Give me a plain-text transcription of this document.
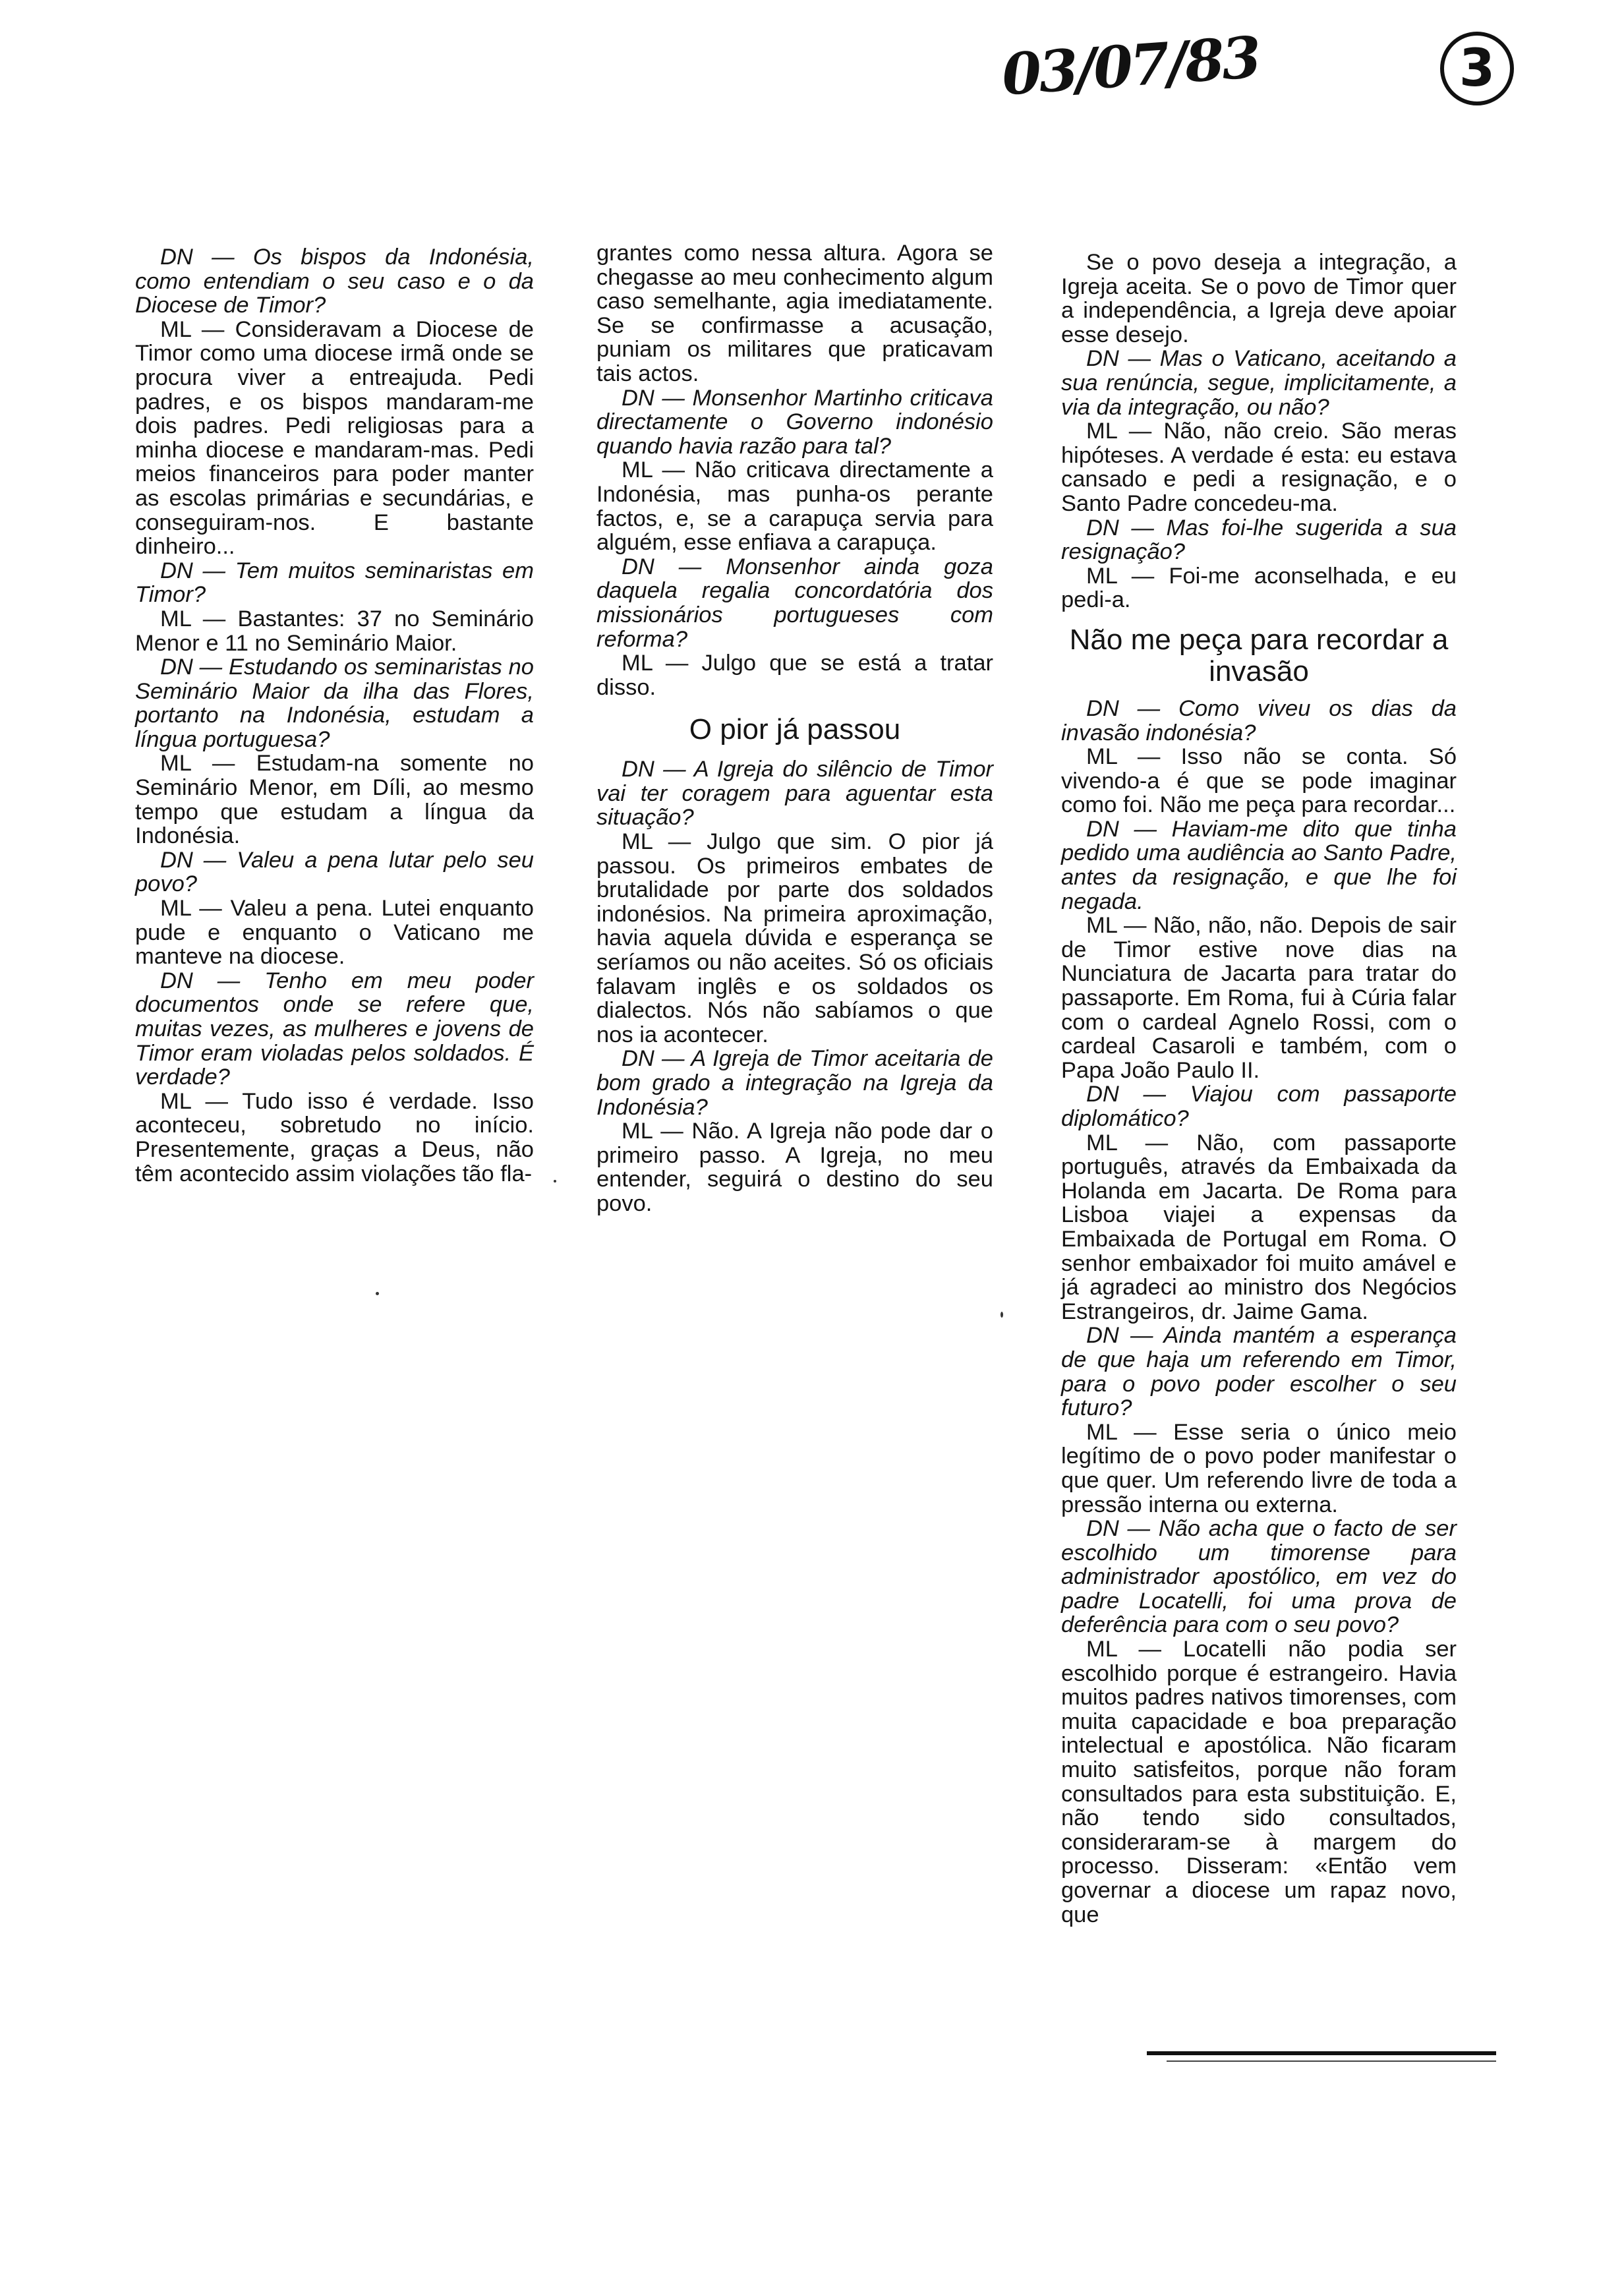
03/07/83	3

DN — Os bispos da Indonésia, como entendiam o seu caso e o da Diocese de Timor?

ML — Consideravam a Diocese de Timor como uma diocese irmã onde se procura viver a entreajuda. Pedi padres, e os bispos mandaram-me dois padres. Pedi religiosas para a minha diocese e mandaram-mas. Pedi meios financeiros para poder manter as escolas primárias e secundárias, e conseguiram-nos. E bastante dinheiro...

DN — Tem muitos seminaristas em Timor?

ML — Bastantes: 37 no Seminário Menor e 11 no Seminário Maior.

DN — Estudando os seminaristas no Seminário Maior da ilha das Flores, portanto na Indonésia, estudam a língua portuguesa?

ML — Estudam-na somente no Seminário Menor, em Díli, ao mesmo tempo que estudam a língua da Indonésia.

DN — Valeu a pena lutar pelo seu povo?

ML — Valeu a pena. Lutei enquanto pude e enquanto o Vaticano me manteve na diocese.

DN — Tenho em meu poder documentos onde se refere que, muitas vezes, as mulheres e jovens de Timor eram violadas pelos soldados. É verdade?

ML — Tudo isso é verdade. Isso aconteceu, sobretudo no início. Presentemente, graças a Deus, não têm acontecido assim violações tão fla-

grantes como nessa altura. Agora se chegasse ao meu conhecimento algum caso semelhante, agia imediatamente. Se se confirmasse a acusação, puniam os militares que praticavam tais actos.

DN — Monsenhor Martinho criticava directamente o Governo indonésio quando havia razão para tal?

ML — Não criticava directamente a Indonésia, mas punha-os perante factos, e, se a carapuça servia para alguém, esse enfiava a carapuça.

DN — Monsenhor ainda goza daquela regalia concordatória dos missionários portugueses com reforma?

ML — Julgo que se está a tratar disso.

O pior já passou

DN — A Igreja do silêncio de Timor vai ter coragem para aguentar esta situação?

ML — Julgo que sim. O pior já passou. Os primeiros embates de brutalidade por parte dos soldados indonésios. Na primeira aproximação, havia aquela dúvida e esperança se seríamos ou não aceites. Só os oficiais falavam inglês e os soldados os dialectos. Nós não sabíamos o que nos ia acontecer.

DN — A Igreja de Timor aceitaria de bom grado a integração na Igreja da Indonésia?

ML — Não. A Igreja não pode dar o primeiro passo. A Igreja, no meu entender, seguirá o destino do seu povo.

Se o povo deseja a integração, a Igreja aceita. Se o povo de Timor quer a independência, a Igreja deve apoiar esse desejo.

DN — Mas o Vaticano, aceitando a sua renúncia, segue, implicitamente, a via da integração, ou não?

ML — Não, não creio. São meras hipóteses. A verdade é esta: eu estava cansado e pedi a resignação, e o Santo Padre concedeu-ma.

DN — Mas foi-lhe sugerida a sua resignação?

ML — Foi-me aconselhada, e eu pedi-a.

Não me peça para recordar a invasão

DN — Como viveu os dias da invasão indonésia?

ML — Isso não se conta. Só vivendo-a é que se pode imaginar como foi. Não me peça para recordar...

DN — Haviam-me dito que tinha pedido uma audiência ao Santo Padre, antes da resignação, e que lhe foi negada.

ML — Não, não, não. Depois de sair de Timor estive nove dias na Nunciatura de Jacarta para tratar do passaporte. Em Roma, fui à Cúria falar com o cardeal Agnelo Rossi, com o cardeal Casaroli e também, com o Papa João Paulo II.

DN — Viajou com passaporte diplomático?

ML — Não, com passaporte português, através da Embaixada da Holanda em Jacarta. De Roma para Lisboa viajei a expensas da Embaixada de Portugal em Roma. O senhor embaixador foi muito amável e já agradeci ao ministro dos Negócios Estrangeiros, dr. Jaime Gama.

DN — Ainda mantém a esperança de que haja um referendo em Timor, para o povo poder escolher o seu futuro?

ML — Esse seria o único meio legítimo de o povo poder manifestar o que quer. Um referendo livre de toda a pressão interna ou externa.

DN — Não acha que o facto de ser escolhido um timorense para administrador apostólico, em vez do padre Locatelli, foi uma prova de deferência para com o seu povo?

ML — Locatelli não podia ser escolhido porque é estrangeiro. Havia muitos padres nativos timorenses, com muita capacidade e boa preparação intelectual e apostólica. Não ficaram muito satisfeitos, porque não foram consultados para esta substituição. E, não tendo sido consultados, consideraram-se à margem do processo. Disseram: «Então vem governar a diocese um rapaz novo, que
